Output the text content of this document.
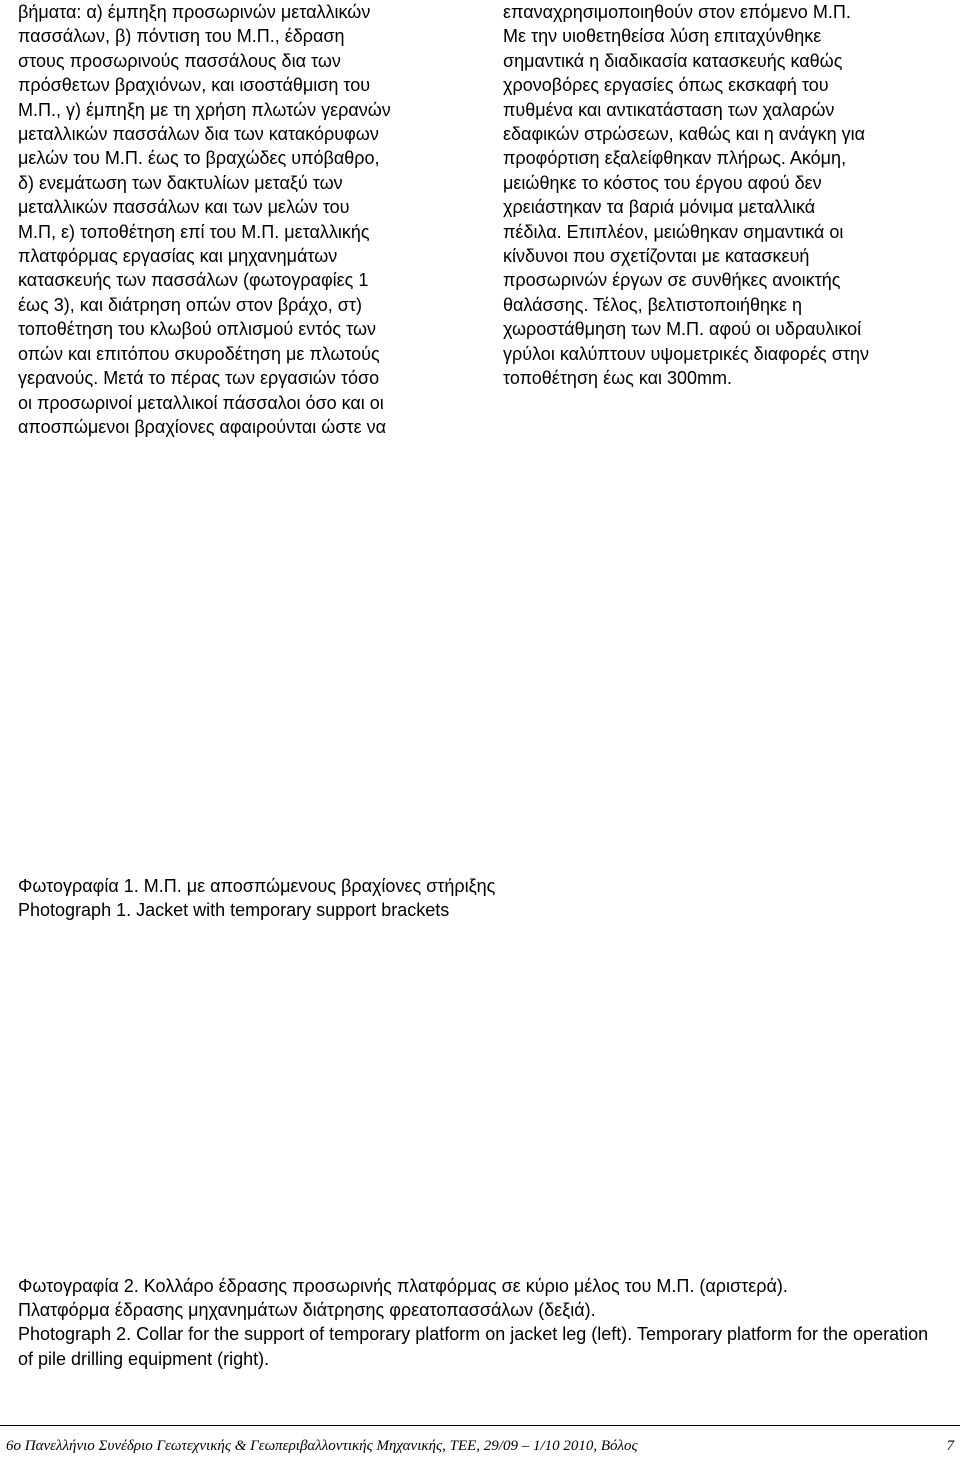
βήματα: α) έμπηξη προσωρινών μεταλλικών
πασσάλων, β) πόντιση του Μ.Π., έδραση
στους προσωρινούς πασσάλους δια των
πρόσθετων βραχιόνων, και ισοστάθμιση του
Μ.Π., γ) έμπηξη με τη χρήση πλωτών γερανών
μεταλλικών πασσάλων δια των κατακόρυφων
μελών του Μ.Π. έως το βραχώδες υπόβαθρο,
δ) ενεμάτωση των δακτυλίων μεταξύ των
μεταλλικών πασσάλων και των μελών του
Μ.Π, ε) τοποθέτηση επί του Μ.Π. μεταλλικής
πλατφόρμας εργασίας και μηχανημάτων
κατασκευής των πασσάλων (φωτογραφίες 1
έως 3), και διάτρηση οπών στον βράχο, στ)
τοποθέτηση του κλωβού οπλισμού εντός των
οπών και επιτόπου σκυροδέτηση με πλωτούς
γερανούς. Μετά το πέρας των εργασιών τόσο
οι προσωρινοί μεταλλικοί πάσσαλοι όσο και οι
αποσπώμενοι βραχίονες αφαιρούνται ώστε να

επαναχρησιμοποιηθούν στον επόμενο Μ.Π.
Με την υιοθετηθείσα λύση επιταχύνθηκε
σημαντικά η διαδικασία κατασκευής καθώς
χρονοβόρες εργασίες όπως εκσκαφή του
πυθμένα και αντικατάσταση των χαλαρών
εδαφικών στρώσεων, καθώς και η ανάγκη για
προφόρτιση εξαλείφθηκαν πλήρως. Ακόμη,
μειώθηκε το κόστος του έργου αφού δεν
χρειάστηκαν τα βαριά μόνιμα μεταλλικά
πέδιλα. Επιπλέον, μειώθηκαν σημαντικά οι
κίνδυνοι που σχετίζονται με κατασκευή
προσωρινών έργων σε συνθήκες ανοικτής
θαλάσσης. Τέλος, βελτιστοποιήθηκε η
χωροστάθμηση των Μ.Π. αφού οι υδραυλικοί
γρύλοι καλύπτουν υψομετρικές διαφορές στην
τοποθέτηση έως και 300mm.

Φωτογραφία 1. Μ.Π. με αποσπώμενους βραχίονες στήριξης
Photograph 1. Jacket with temporary support brackets
Φωτογραφία 2. Κολλάρο έδρασης προσωρινής πλατφόρμας σε κύριο μέλος του Μ.Π. (αριστερά).
Πλατφόρμα έδρασης μηχανημάτων διάτρησης φρεατοπασσάλων (δεξιά).
Photograph 2. Collar for the support of temporary platform on jacket leg (left). Temporary platform for the operation of pile drilling equipment (right).
6ο Πανελλήνιο Συνέδριο Γεωτεχνικής & Γεωπεριβαλλοντικής Μηχανικής, ΤΕΕ, 29/09 – 1/10 2010, Βόλος	7
